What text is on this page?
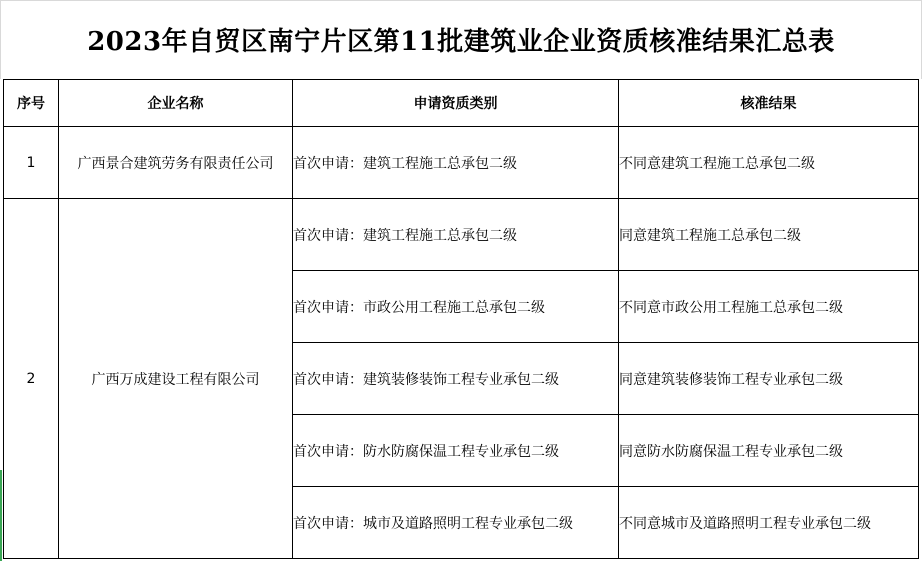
2023年自贸区南宁片区第11批建筑业企业资质核准结果汇总表
序号	企业名称	申请资质类别	核准结果
1	广西景合建筑劳务有限责任公司	首次申请：建筑工程施工总承包二级	不同意建筑工程施工总承包二级
2	广西万成建设工程有限公司	首次申请：建筑工程施工总承包二级	同意建筑工程施工总承包二级
		首次申请：市政公用工程施工总承包二级	不同意市政公用工程施工总承包二级
		首次申请：建筑装修装饰工程专业承包二级	同意建筑装修装饰工程专业承包二级
		首次申请：防水防腐保温工程专业承包二级	同意防水防腐保温工程专业承包二级
		首次申请：城市及道路照明工程专业承包二级	不同意城市及道路照明工程专业承包二级
